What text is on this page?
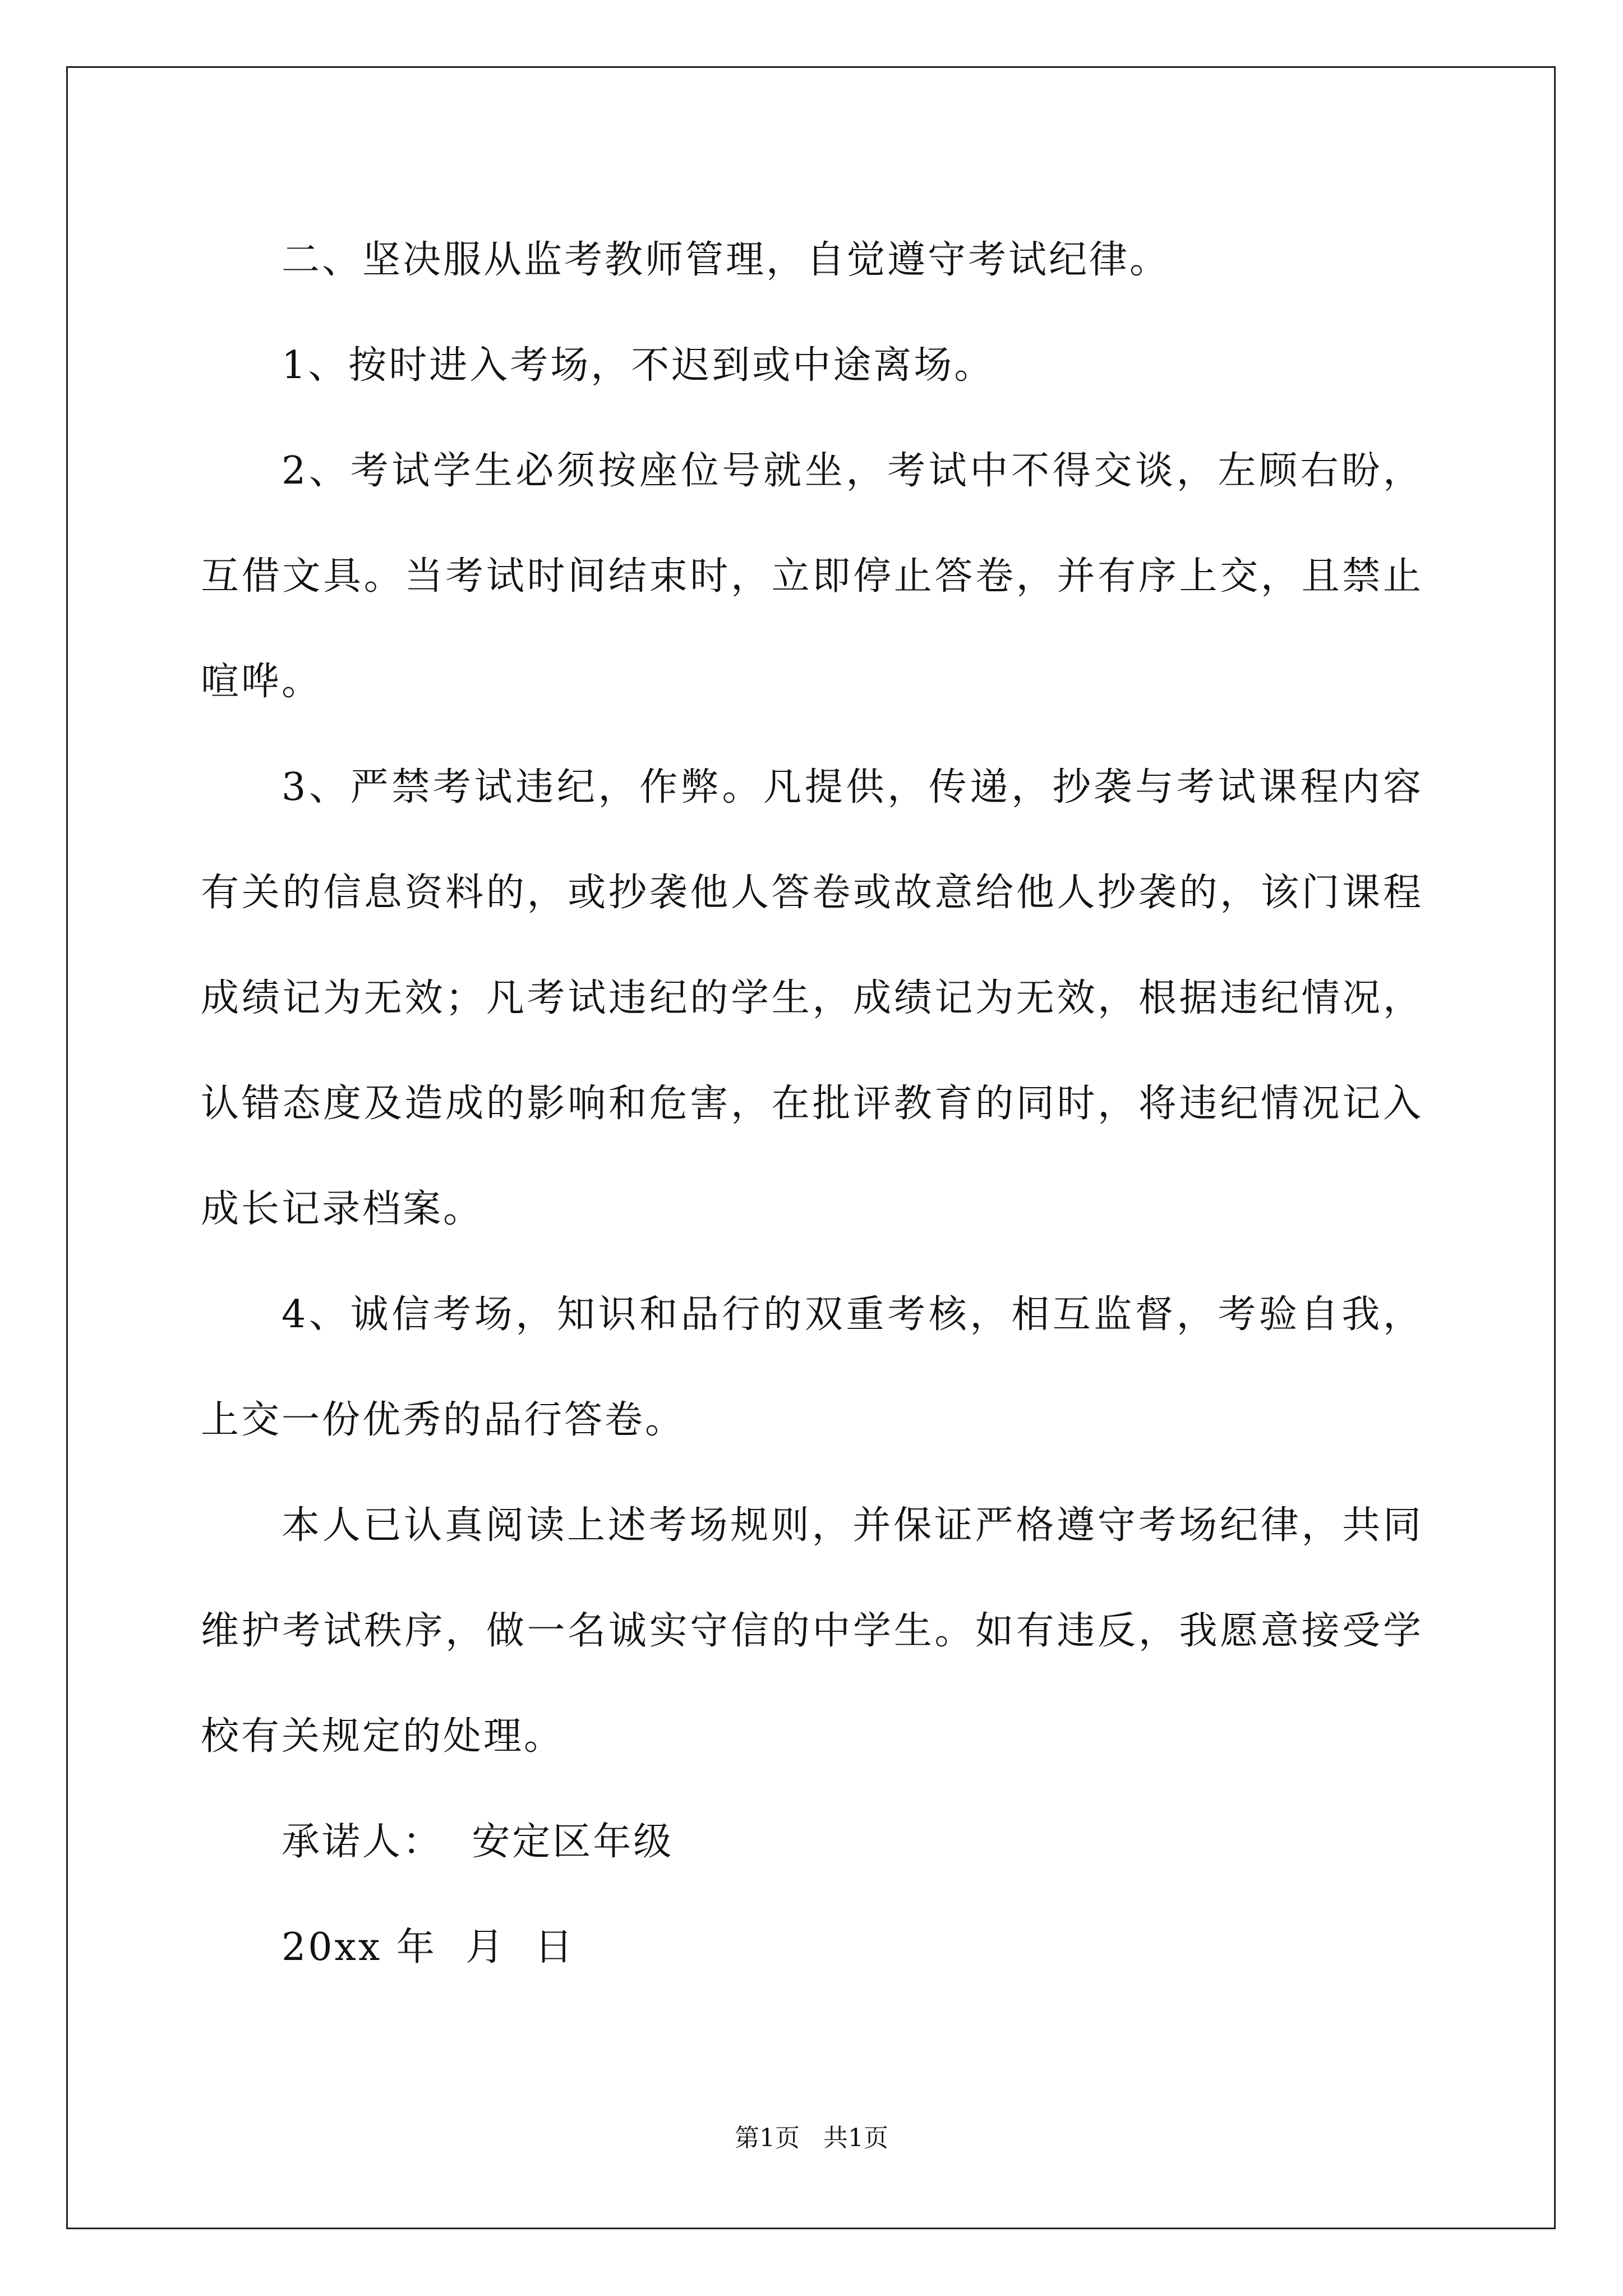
二、坚决服从监考教师管理，自觉遵守考试纪律。

1、按时进入考场，不迟到或中途离场。

2、考试学生必须按座位号就坐，考试中不得交谈，左顾右盼，互借文具。当考试时间结束时，立即停止答卷，并有序上交，且禁止喧哗。

3、严禁考试违纪，作弊。凡提供，传递，抄袭与考试课程内容有关的信息资料的，或抄袭他人答卷或故意给他人抄袭的，该门课程成绩记为无效；凡考试违纪的学生，成绩记为无效，根据违纪情况，认错态度及造成的影响和危害，在批评教育的同时，将违纪情况记入成长记录档案。

4、诚信考场，知识和品行的双重考核，相互监督，考验自我，上交一份优秀的品行答卷。

本人已认真阅读上述考场规则，并保证严格遵守考场纪律，共同维护考试秩序，做一名诚实守信的中学生。如有违反，我愿意接受学校有关规定的处理。

承诺人：  安定区年级

20xx 年  月  日

第1页 共1页
